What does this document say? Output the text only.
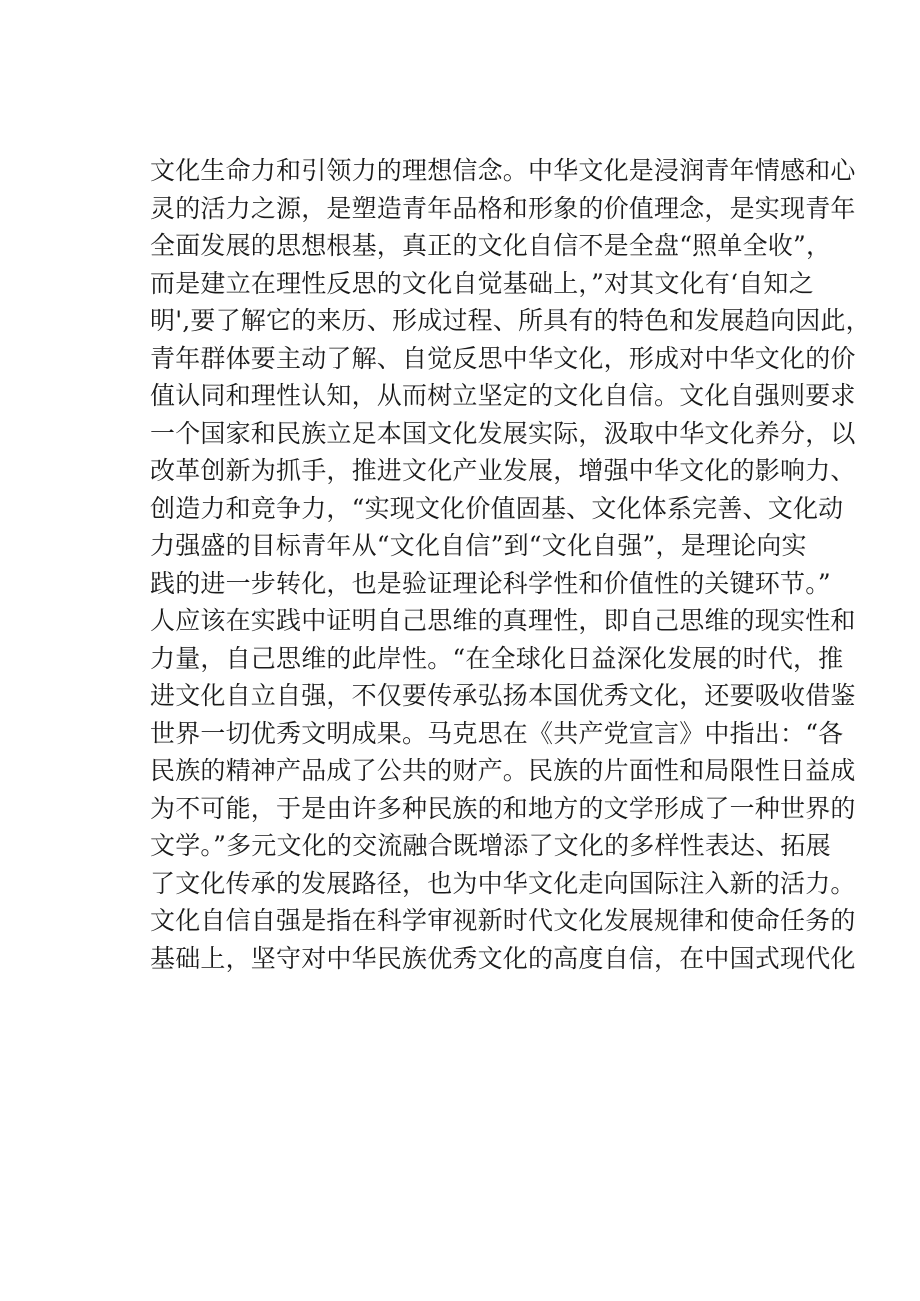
文化生命力和引领力的理想信念。中华文化是浸润青年情感和心
灵的活力之源，是塑造青年品格和形象的价值理念，是实现青年
全面发展的思想根基，真正的文化自信不是全盘“照单全收”，
而是建立在理性反思的文化自觉基础上，”对其文化有‘自知之
明',要了解它的来历、形成过程、所具有的特色和发展趋向因此，
青年群体要主动了解、自觉反思中华文化，形成对中华文化的价
值认同和理性认知，从而树立坚定的文化自信。文化自强则要求
一个国家和民族立足本国文化发展实际，汲取中华文化养分，以
改革创新为抓手，推进文化产业发展，增强中华文化的影响力、
创造力和竞争力，“实现文化价值固基、文化体系完善、文化动
力强盛的目标青年从“文化自信”到“文化自强”，是理论向实
践的进一步转化，也是验证理论科学性和价值性的关键环节。”
人应该在实践中证明自己思维的真理性，即自己思维的现实性和
力量，自己思维的此岸性。“在全球化日益深化发展的时代，推
进文化自立自强，不仅要传承弘扬本国优秀文化，还要吸收借鉴
世界一切优秀文明成果。马克思在《共产党宣言》中指出：“各
民族的精神产品成了公共的财产。民族的片面性和局限性日益成
为不可能，于是由许多种民族的和地方的文学形成了一种世界的
文学。”多元文化的交流融合既增添了文化的多样性表达、拓展
了文化传承的发展路径，也为中华文化走向国际注入新的活力。
文化自信自强是指在科学审视新时代文化发展规律和使命任务的
基础上，坚守对中华民族优秀文化的高度自信，在中国式现代化
